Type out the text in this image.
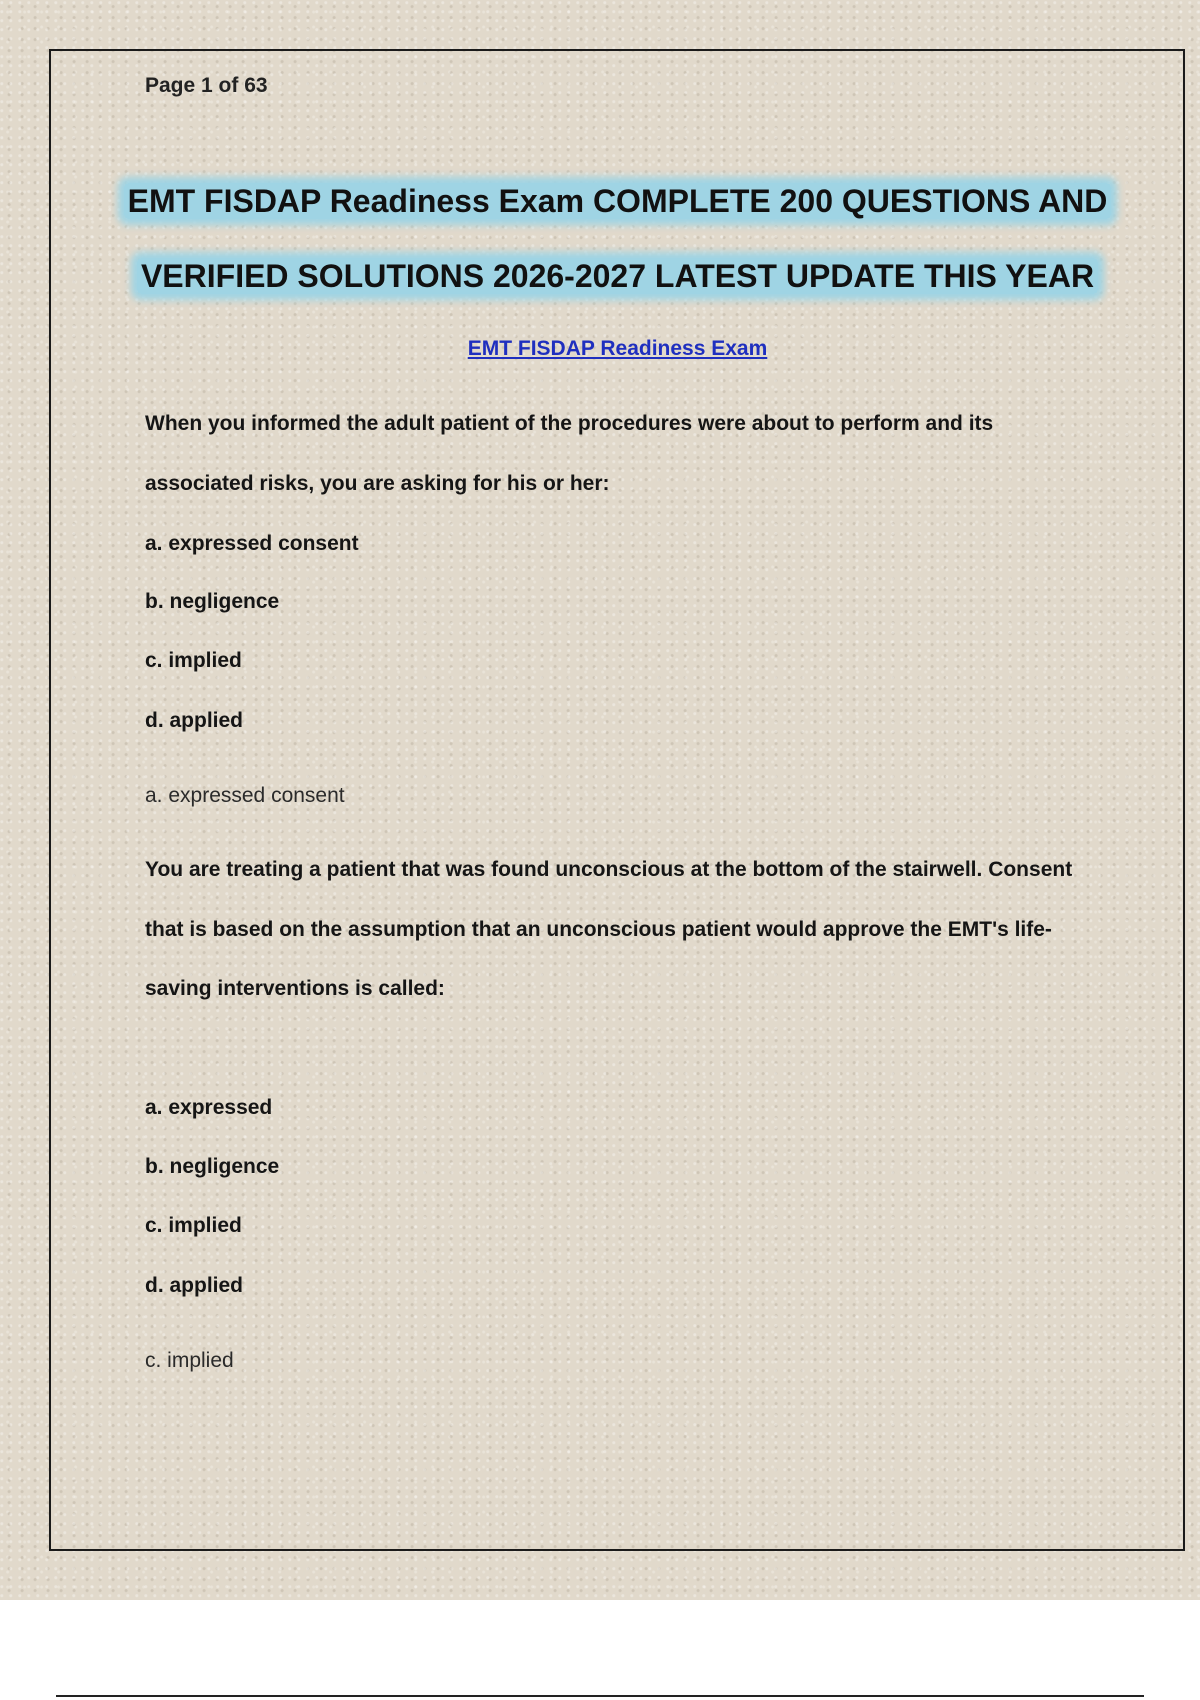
Page 1 of 63
EMT FISDAP Readiness Exam COMPLETE 200 QUESTIONS AND
VERIFIED SOLUTIONS 2026-2027 LATEST UPDATE THIS YEAR
EMT FISDAP Readiness Exam
When you informed the adult patient of the procedures were about to perform and its
associated risks, you are asking for his or her:
a. expressed consent
b. negligence
c. implied
d. applied
a. expressed consent
You are treating a patient that was found unconscious at the bottom of the stairwell. Consent
that is based on the assumption that an unconscious patient would approve the EMT's life-
saving interventions is called:
a. expressed
b. negligence
c. implied
d. applied
c. implied
